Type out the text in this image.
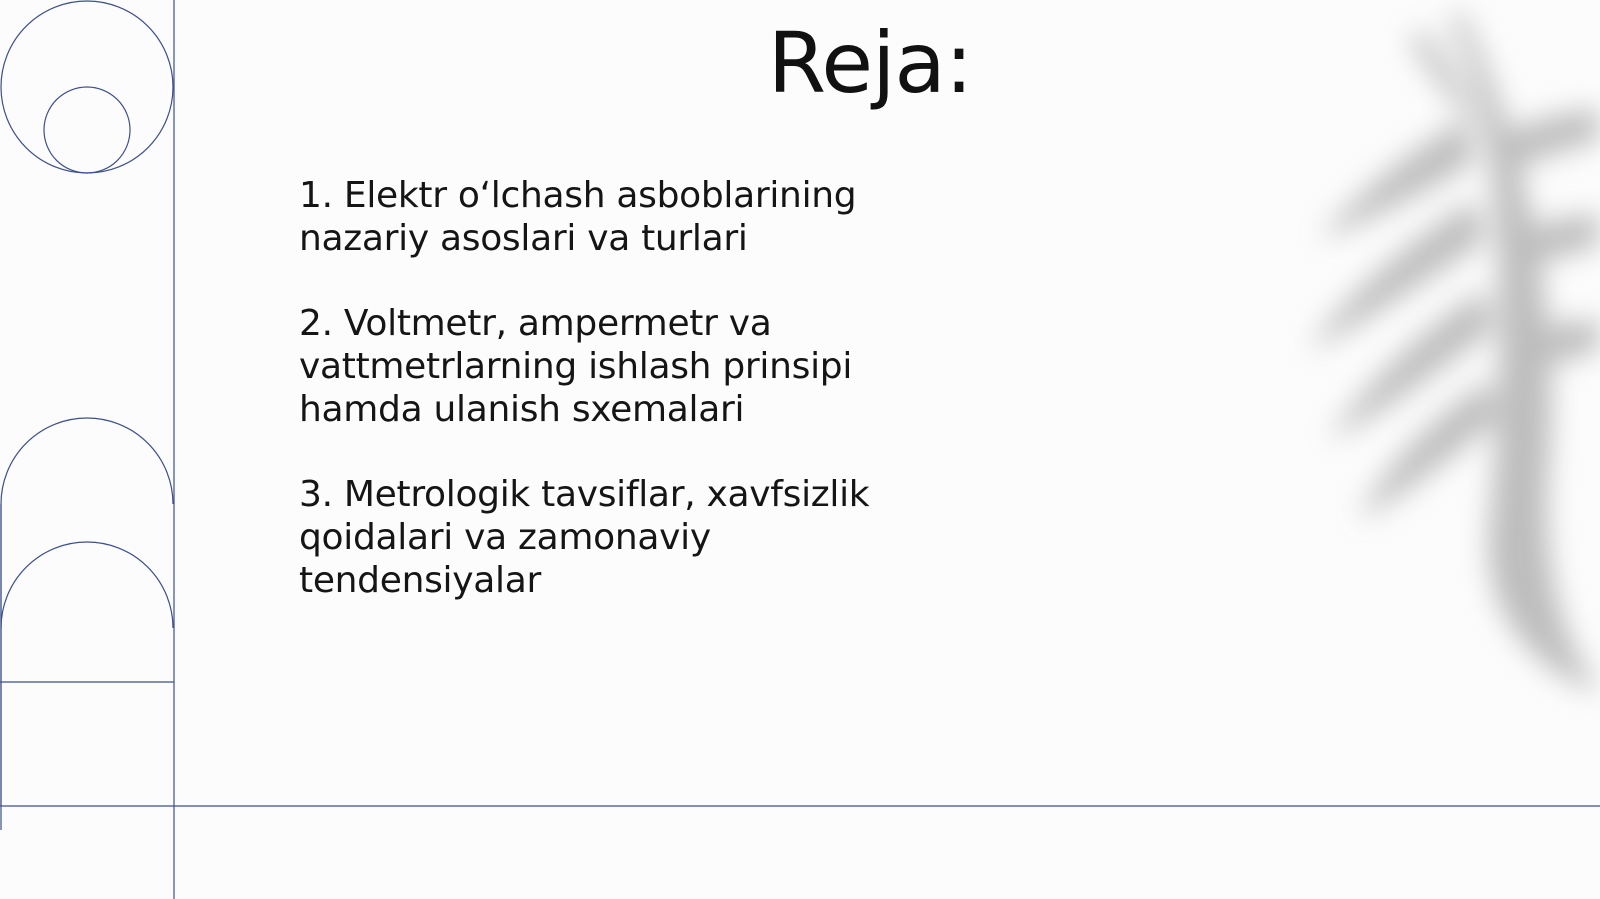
Reja:
1. Elektr o‘lchash asboblarining nazariy asoslari va turlari
2. Voltmetr, ampermetr va vattmetrlarning ishlash prinsipi hamda ulanish sxemalari
3. Metrologik tavsiflar, xavfsizlik qoidalari va zamonaviy tendensiyalar
